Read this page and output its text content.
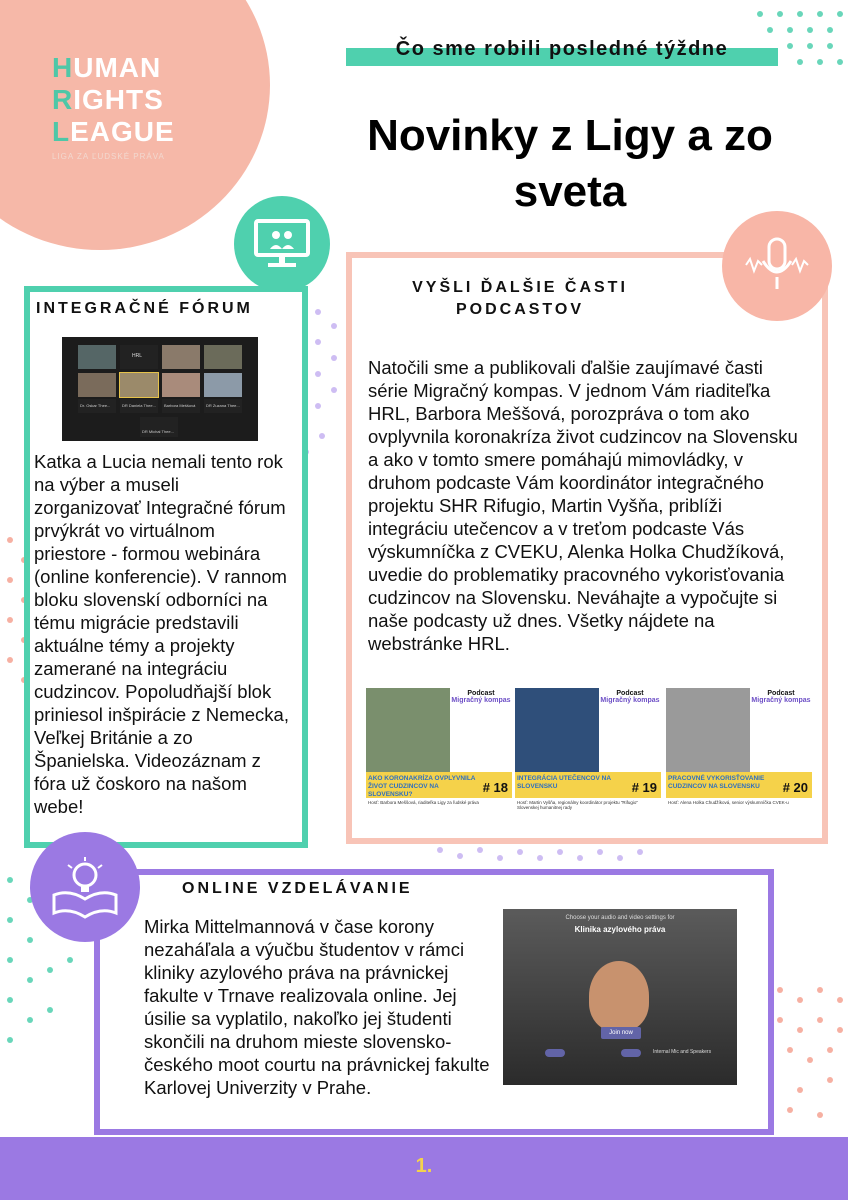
HUMAN
RIGHTS
LEAGUE
LIGA ZA ĽUDSKÉ PRÁVA
Čo sme robili posledné týždne
Novinky z Ligy a zo sveta
INTEGRAČNÉ FÓRUM
HRL
Dr. Oskar Thee...	DR Daniela Thee... Barbora Meššová	DR Zuzana Thee...
DR Michal Thee...
Katka a Lucia nemali tento rok na výber a museli zorganizovať Integračné fórum prvýkrát vo virtuálnom priestore - formou webinára (online konferencie). V rannom bloku slovenskí odborníci na tému migrácie predstavili aktuálne témy a projekty zamerané na integráciu cudzincov. Popoludňajší blok priniesol inšpirácie z Nemecka, Veľkej Británie a zo Španielska. Videozáznam z fóra už čoskoro na našom webe!
VYŠLI ĎALŠIE ČASTI
PODCASTOV
Natočili sme a publikovali ďalšie zaujímavé časti série Migračný kompas. V jednom Vám riaditeľka HRL, Barbora Meššová, porozpráva o tom ako ovplyvnila koronakríza život cudzincov na Slovensku a ako v tomto smere pomáhajú mimovládky, v druhom podcaste Vám koordinátor integračného projektu SHR Rifugio, Martin Vyšňa, priblíži integráciu utečencov a v treťom podcaste Vás výskumníčka z CVEKU, Alenka Holka Chudžíková, uvedie do problematiky pracovného vykorisťovania cudzincov na Slovensku. Neváhajte a vypočujte si naše podcasty už dnes. Všetky nájdete na webstránke HRL.
Podcast
Migračný kompas
AKO KORONAKRÍZA OVPLYVNILA ŽIVOT CUDZINCOV NA SLOVENSKU?	# 18
Hosť: Barbora Meššová, riaditeľka Ligy za ľudské práva
Podcast
Migračný kompas
INTEGRÁCIA UTEČENCOV NA SLOVENSKU	# 19
Hosť: Martin Vyšňa, regionálny koordinátor projektu "Rifugio" Slovenskej humanitnej rady
Podcast
Migračný kompas
PRACOVNÉ VYKORISŤOVANIE CUDZINCOV NA SLOVENSKU	# 20
Hosť: Alena Holka Chudžíková, senior výskumníčka CVEK-u
ONLINE VZDELÁVANIE
Mirka Mittelmannová v čase korony nezaháľala a výučbu študentov v rámci kliniky azylového práva na právnickej fakulte v Trnave realizovala online. Jej úsilie sa vyplatilo, nakoľko jej študenti skončili na druhom mieste slovensko-českého moot courtu na právnickej fakulte Karlovej Univerzity v Prahe.
Choose your audio and video settings for
Klinika azylového práva
Join now
Internal Mic and Speakers
1.
